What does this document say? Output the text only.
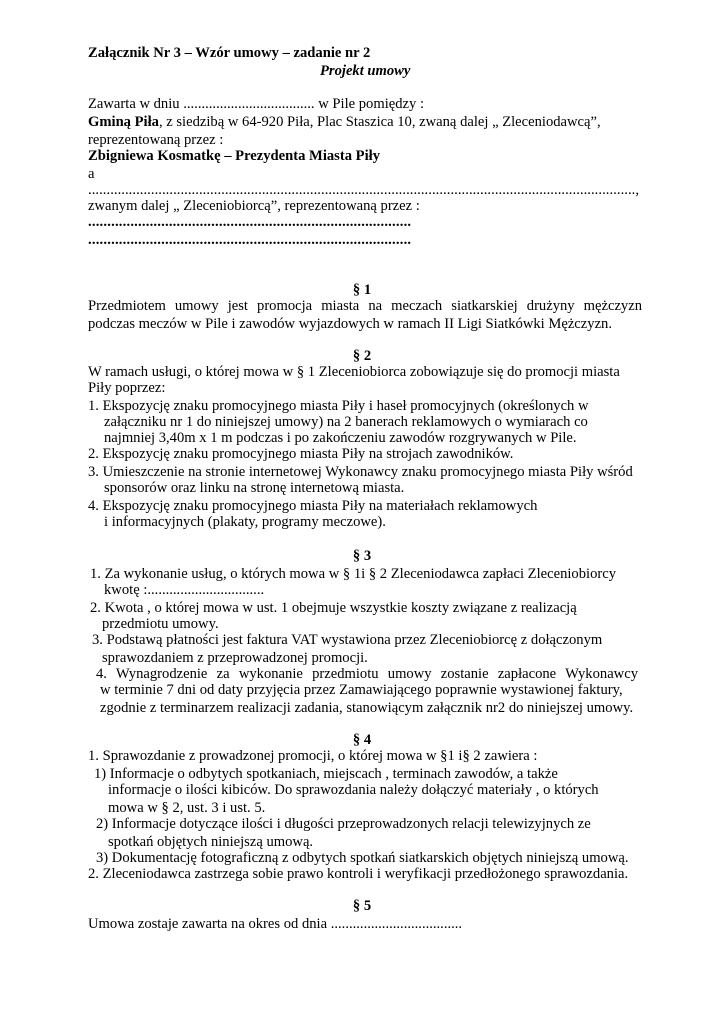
Załącznik Nr 3 – Wzór umowy – zadanie nr 2
Projekt umowy
Zawarta w dniu .................................... w Pile pomiędzy :
Gminą Piła, z siedzibą w 64-920 Piła, Plac Staszica 10, zwaną dalej „ Zleceniodawcą”,
reprezentowaną przez :
Zbigniewa Kosmatkę – Prezydenta Miasta Piły
a
....................................................................................................................................................,
zwanym dalej „ Zleceniobiorcą”, reprezentowaną przez :
....................................................................................
....................................................................................
§ 1
Przedmiotem umowy jest promocja miasta na meczach siatkarskiej drużyny mężczyzn
podczas meczów w Pile i zawodów wyjazdowych w ramach II Ligi Siatkówki Mężczyzn.
§ 2
W ramach usługi, o której mowa w § 1 Zleceniobiorca zobowiązuje się do promocji miasta
Piły poprzez:
1. Ekspozycję znaku promocyjnego miasta Piły i haseł promocyjnych (określonych w
załączniku nr 1 do niniejszej umowy) na 2 banerach reklamowych o wymiarach co
najmniej 3,40m x 1 m podczas i po zakończeniu zawodów rozgrywanych w Pile.
2. Ekspozycję znaku promocyjnego miasta Piły na strojach zawodników.
3. Umieszczenie na stronie internetowej Wykonawcy znaku promocyjnego miasta Piły wśród
sponsorów oraz linku na stronę internetową miasta.
4. Ekspozycję znaku promocyjnego miasta Piły na materiałach reklamowych
i informacyjnych (plakaty, programy meczowe).
§ 3
1. Za wykonanie usług, o których mowa w § 1i § 2 Zleceniodawca zapłaci Zleceniobiorcy
kwotę :................................
2. Kwota , o której mowa w ust. 1 obejmuje wszystkie koszty związane z realizacją
przedmiotu umowy.
3. Podstawą płatności jest faktura VAT wystawiona przez Zleceniobiorcę z dołączonym
sprawozdaniem z przeprowadzonej promocji.
4. Wynagrodzenie za wykonanie przedmiotu umowy zostanie zapłacone Wykonawcy
w terminie 7 dni od daty przyjęcia przez Zamawiającego poprawnie wystawionej faktury,
zgodnie z terminarzem realizacji zadania, stanowiącym załącznik nr2 do niniejszej umowy.
§ 4
1. Sprawozdanie z prowadzonej promocji, o której mowa w §1 i§ 2 zawiera :
1) Informacje o odbytych spotkaniach, miejscach , terminach zawodów, a także
informacje o ilości kibiców. Do sprawozdania należy dołączyć materiały , o których
mowa w § 2, ust. 3 i ust. 5.
2) Informacje dotyczące ilości i długości przeprowadzonych relacji telewizyjnych ze
spotkań objętych niniejszą umową.
3) Dokumentację fotograficzną z odbytych spotkań siatkarskich objętych niniejszą umową.
2. Zleceniodawca zastrzega sobie prawo kontroli i weryfikacji przedłożonego sprawozdania.
§ 5
Umowa zostaje zawarta na okres od dnia ....................................
